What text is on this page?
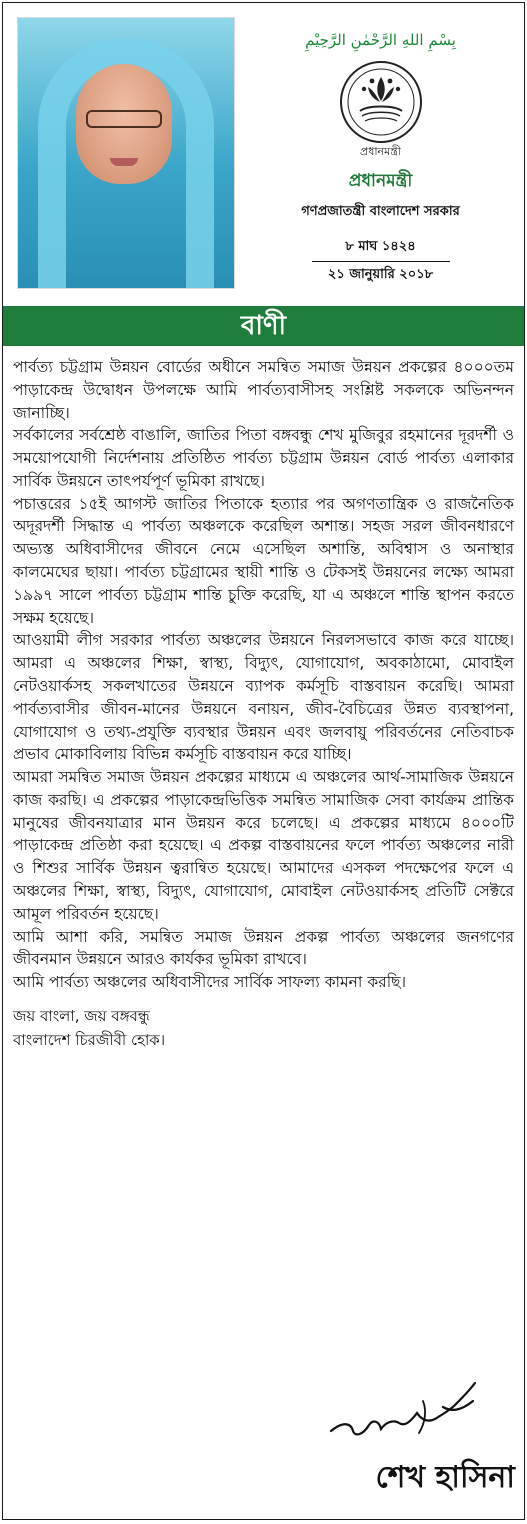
بِسْمِ اللهِ الرَّحْمٰنِ الرَّحِيْمِ
প্রধানমন্ত্রী
প্রধানমন্ত্রী
গণপ্রজাতন্ত্রী বাংলাদেশ সরকার
৮ মাঘ ১৪২৪
২১ জানুয়ারি ২০১৮
বাণী

পার্বত্য চট্টগ্রাম উন্নয়ন বোর্ডের অধীনে সমন্বিত সমাজ উন্নয়ন প্রকল্পের ৪০০০তম পাড়াকেন্দ্র উদ্বোধন উপলক্ষে আমি পার্বত্যবাসীসহ সংশ্লিষ্ট সকলকে অভিনন্দন জানাচ্ছি।

সর্বকালের সর্বশ্রেষ্ঠ বাঙালি, জাতির পিতা বঙ্গবন্ধু শেখ মুজিবুর রহমানের দূরদর্শী ও সময়োপযোগী নির্দেশনায় প্রতিষ্ঠিত পার্বত্য চট্টগ্রাম উন্নয়ন বোর্ড পার্বত্য এলাকার সার্বিক উন্নয়নে তাৎপর্যপূর্ণ ভূমিকা রাখছে।

পচাত্তরের ১৫ই আগস্ট জাতির পিতাকে হত্যার পর অগণতান্ত্রিক ও রাজনৈতিক অদূরদর্শী সিদ্ধান্ত এ পার্বত্য অঞ্চলকে করেছিল অশান্ত। সহজ সরল জীবনধারণে অভ্যস্ত অধিবাসীদের জীবনে নেমে এসেছিল অশান্তি, অবিশ্বাস ও অনাস্থার কালমেঘের ছায়া। পার্বত্য চট্টগ্রামের স্থায়ী শান্তি ও টেকসই উন্নয়নের লক্ষ্যে আমরা ১৯৯৭ সালে পার্বত্য চট্টগ্রাম শান্তি চুক্তি করেছি, যা এ অঞ্চলে শান্তি স্থাপন করতে সক্ষম হয়েছে।

আওয়ামী লীগ সরকার পার্বত্য অঞ্চলের উন্নয়নে নিরলসভাবে কাজ করে যাচ্ছে। আমরা এ অঞ্চলের শিক্ষা, স্বাস্থ্য, বিদ্যুৎ, যোগাযোগ, অবকাঠামো, মোবাইল নেটওয়ার্কসহ সকলখাতের উন্নয়নে ব্যাপক কর্মসূচি বাস্তবায়ন করেছি। আমরা পার্বত্যবাসীর জীবন-মানের উন্নয়নে বনায়ন, জীব-বৈচিত্রের উন্নত ব্যবস্থাপনা, যোগাযোগ ও তথ্য-প্রযুক্তি ব্যবস্থার উন্নয়ন এবং জলবায়ু পরিবর্তনের নেতিবাচক প্রভাব মোকাবিলায় বিভিন্ন কর্মসূচি বাস্তবায়ন করে যাচ্ছি।

আমরা সমন্বিত সমাজ উন্নয়ন প্রকল্পের মাধ্যমে এ অঞ্চলের আর্থ-সামাজিক উন্নয়নে কাজ করছি। এ প্রকল্পের পাড়াকেন্দ্রভিত্তিক সমন্বিত সামাজিক সেবা কার্যক্রম প্রান্তিক মানুষের জীবনযাত্রার মান উন্নয়ন করে চলেছে। এ প্রকল্পের মাধ্যমে ৪০০০টি পাড়াকেন্দ্র প্রতিষ্ঠা করা হয়েছে। এ প্রকল্প বাস্তবায়নের ফলে পার্বত্য অঞ্চলের নারী ও শিশুর সার্বিক উন্নয়ন ত্বরান্বিত হয়েছে। আমাদের এসকল পদক্ষেপের ফলে এ অঞ্চলের শিক্ষা, স্বাস্থ্য, বিদ্যুৎ, যোগাযোগ, মোবাইল নেটওয়ার্কসহ প্রতিটি সেক্টরে আমূল পরিবর্তন হয়েছে।

আমি আশা করি, সমন্বিত সমাজ উন্নয়ন প্রকল্প পার্বত্য অঞ্চলের জনগণের জীবনমান উন্নয়নে আরও কার্যকর ভূমিকা রাখবে।

আমি পার্বত্য অঞ্চলের অধিবাসীদের সার্বিক সাফল্য কামনা করছি।

জয় বাংলা, জয় বঙ্গবন্ধু
বাংলাদেশ চিরজীবী হোক।
শেখ হাসিনা
